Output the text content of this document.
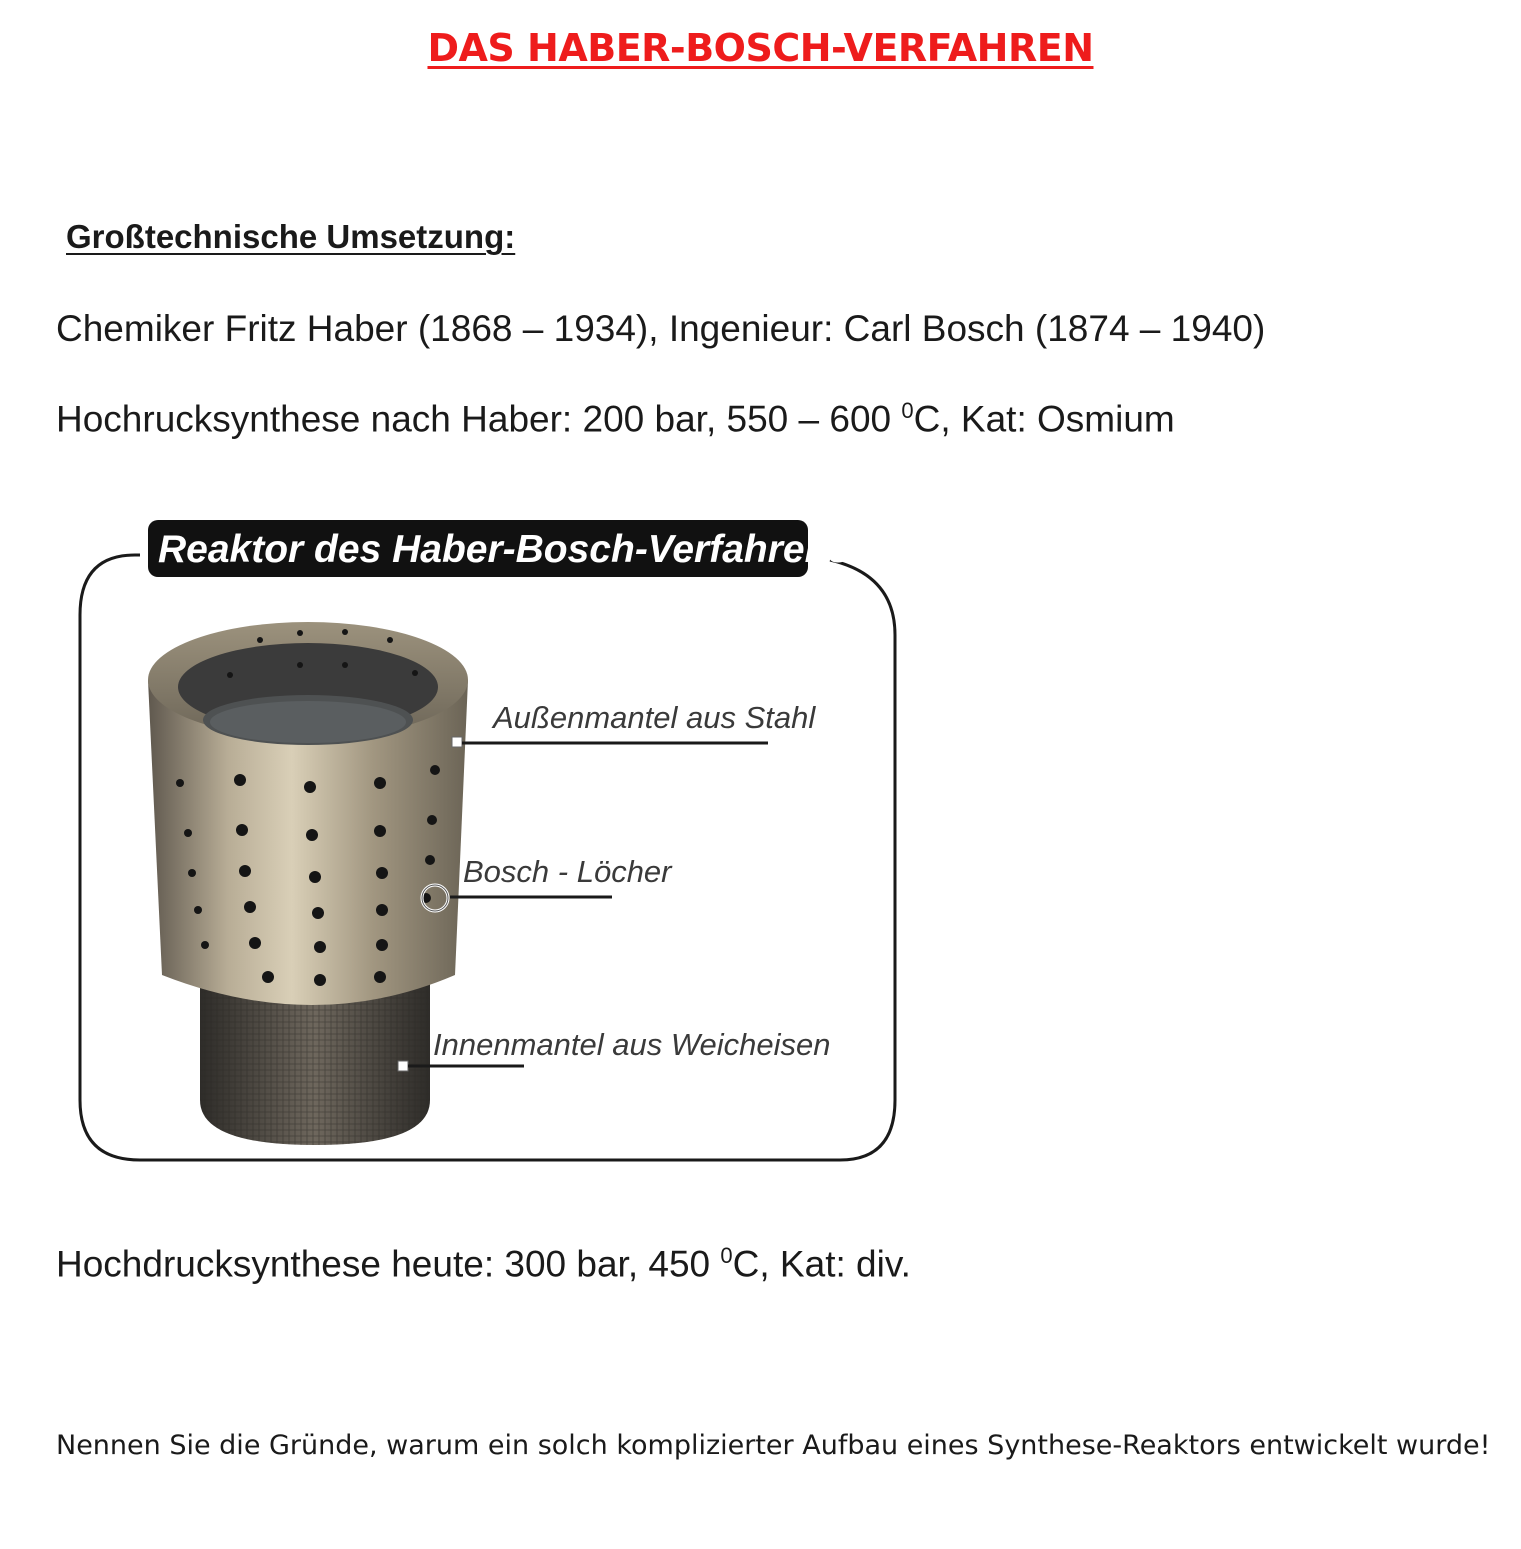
DAS HABER-BOSCH-VERFAHREN
Großtechnische Umsetzung:
Chemiker Fritz Haber (1868 – 1934), Ingenieur: Carl Bosch (1874 – 1940)
Hochrucksynthese nach Haber: 200 bar, 550 – 600 $^0$C, Kat: Osmium
Reaktor des Haber-Bosch-Verfahrens
Außenmantel aus Stahl
Bosch - Löcher
Innenmantel aus Weicheisen
Hochdrucksynthese heute: 300 bar, 450 $^0$C, Kat: div.
Nennen Sie die Gründe, warum ein solch komplizierter Aufbau eines Synthese-Reaktors entwickelt wurde!
